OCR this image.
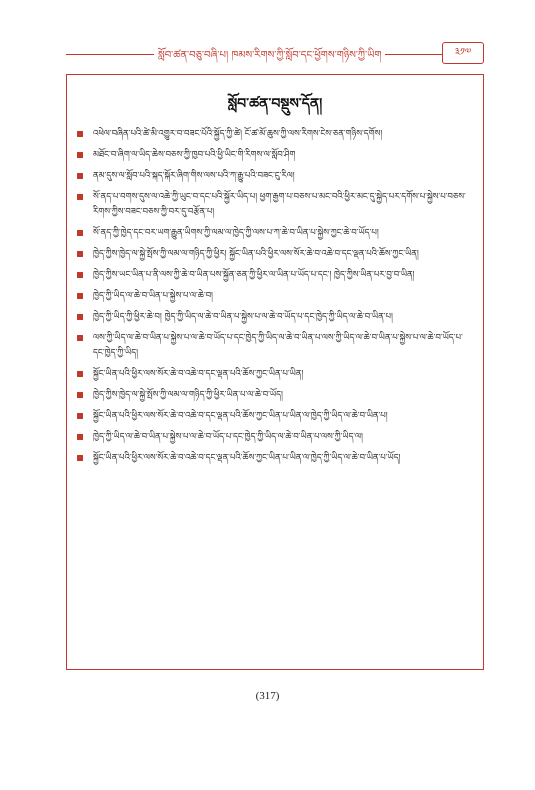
སློབ་ཚན་བཅུ་བཞི་པ། ཁམས་རིགས་ཀྱི་སློབ་དང་ཕྱོགས་གཉིས་ཀྱི་ཡིག	༣༡༧
སློབ་ཚན་བསྡུས་དོན།
འཕེལ་བཞིན་པའི་ཚེ་མི་འགྱུར་བ་བཟང་པོའི་སྐྱོད་ཀྱི་ཚེ། ངོ་ཚ་མོ་ཆུས་ཀྱི་ལས་རིགས་ངེས་ཅན་གཉིས་དགོས།
མཐོང་བ་ཞིག་ལ་ཡིད་ཆེས་བཅས་ཀྱི་ཁྱབ་པའི་ཕྱི་ཡིང་གི་རིགས་ལ་སློབ་ཤིག
ནམ་དུས་ལ་སློབ་པའི་སྐད་སྐོར་ཞིག་གིས་ལས་པའི་ཀ་རྒྱུ་པའི་བཟང་ངུ་རིལ།
སོ་ནད་པ་བགས་དུས་ལ་འཆེ་ཀྱི་ཡུང་བ་དང་པའི་སྐྱོར་ཡིད་པ། ཕྱག་རྒྱག་པ་བཅས་པ་མང་བའི་ཕྱིར་མང་དུ་སྐྱེད་པར་དགོས་པ་སྐྱེས་པ་བཅས་རིགས་ཀྱིས་བཟང་བཅས་ཀྱི་བར་དུ་བརྩོན་པ།
སོ་ནད་ཀྱི་ཁྱེད་དང་བར་ཡག་རྒྱུན་ཡིགས་ཀྱི་ལམ་ལ་ཁྱེད་ཀྱི་ལས་པ་ཀ་ཆེ་བ་ཡིན་པ་སྐྱེས་ཀྱང་ཆེ་བ་ཡོད་པ།
ཁྱེད་ཀྱིས་ཁྱེད་ལ་སྐྱེ་སྤོས་ཀྱི་ལམ་ལ་གཉིད་ཀྱི་ཕྱིར། སྐྱོང་ཡིན་པའི་ཕྱིར་ལས་སོར་ཆེ་བ་འཆེ་བ་དང་ལྡན་པའི་ཆོས་ཀྱང་ཡིན།
ཁྱེད་ཀྱིས་ཡང་ཡིན་པ་ནི་ལས་ཀྱི་ཆེ་བ་ཡིན་པས་སྐྱོན་ཅན་ཀྱི་ཕྱིར་ལ་ཡིན་པ་ཡོད་པ་དང་། ཁྱེད་ཀྱིས་ཡིན་པར་བྱ་བ་ཡིན།
ཁྱེད་ཀྱི་ཡིད་ལ་ཆེ་བ་ཡིན་པ་སྐྱེས་པ་ལ་ཆེ་བ།
ཁྱེད་ཀྱི་ཡིད་ཀྱི་ཕྱིར་ཆེ་བ། ཁྱེད་ཀྱི་ཡིད་ལ་ཆེ་བ་ཡིན་པ་སྐྱེས་པ་ལ་ཆེ་བ་ཡོད་པ་དང་ཁྱེད་ཀྱི་ཡིད་ལ་ཆེ་བ་ཡིན་པ།
ལས་ཀྱི་ཡིད་ལ་ཆེ་བ་ཡིན་པ་སྐྱེས་པ་ལ་ཆེ་བ་ཡོད་པ་དང་ཁྱེད་ཀྱི་ཡིད་ལ་ཆེ་བ་ཡིན་པ་ལས་ཀྱི་ཡིད་ལ་ཆེ་བ་ཡིན་པ་སྐྱེས་པ་ལ་ཆེ་བ་ཡོད་པ་དང་ཁྱེད་ཀྱི་ཡིད།
སྐྱོང་ཡིན་པའི་ཕྱིར་ལས་སོར་ཆེ་བ་འཆེ་བ་དང་ལྡན་པའི་ཆོས་ཀྱང་ཡིན་པ་ཡིན།
ཁྱེད་ཀྱིས་ཁྱེད་ལ་སྐྱེ་སྤོས་ཀྱི་ལམ་ལ་གཉིད་ཀྱི་ཕྱིར་ཡིན་པ་ལ་ཆེ་བ་ཡོད།
སྐྱོང་ཡིན་པའི་ཕྱིར་ལས་སོར་ཆེ་བ་འཆེ་བ་དང་ལྡན་པའི་ཆོས་ཀྱང་ཡིན་པ་ཡིན་ལ་ཁྱེད་ཀྱི་ཡིད་ལ་ཆེ་བ་ཡིན་པ།
ཁྱེད་ཀྱི་ཡིད་ལ་ཆེ་བ་ཡིན་པ་སྐྱེས་པ་ལ་ཆེ་བ་ཡོད་པ་དང་ཁྱེད་ཀྱི་ཡིད་ལ་ཆེ་བ་ཡིན་པ་ལས་ཀྱི་ཡིད་ལ།
སྐྱོང་ཡིན་པའི་ཕྱིར་ལས་སོར་ཆེ་བ་འཆེ་བ་དང་ལྡན་པའི་ཆོས་ཀྱང་ཡིན་པ་ཡིན་ལ་ཁྱེད་ཀྱི་ཡིད་ལ་ཆེ་བ་ཡིན་པ་ཡོད།
(317)
